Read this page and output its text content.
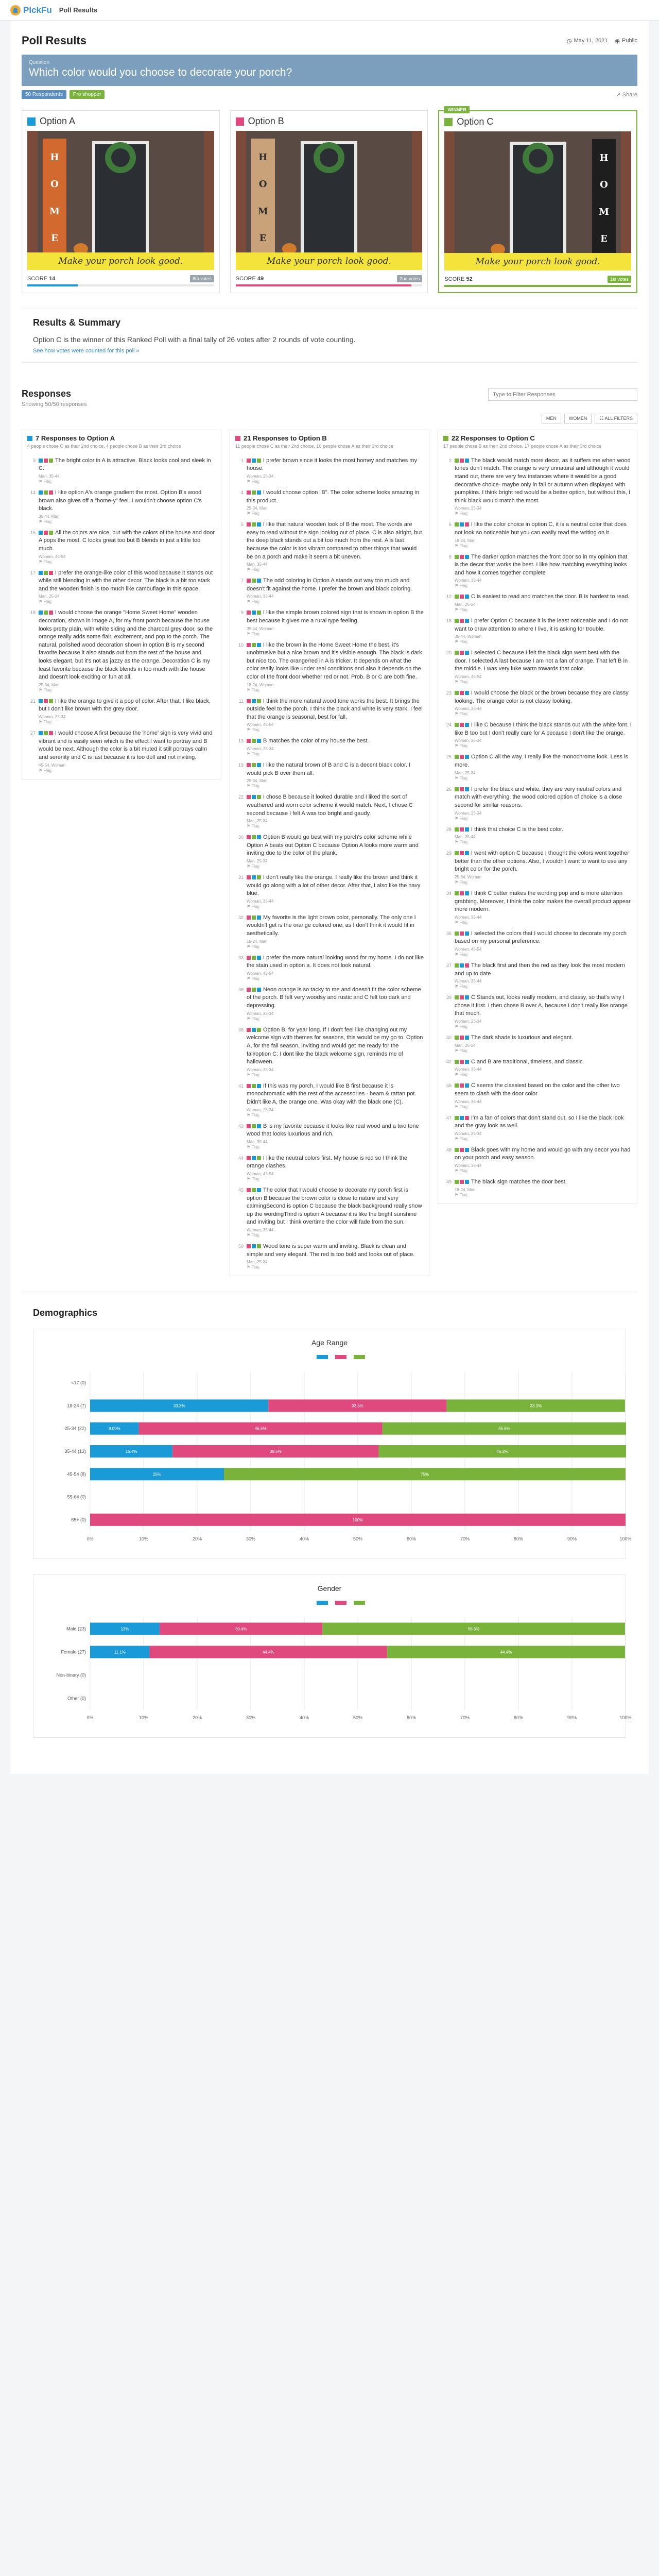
PickFu Poll Results
Poll Results	◷ May 11, 2021 ◉ Public
Question
Which color would you choose to decorate your porch?
50 Respondents	Pro shopper	↗ Share
Option A
H
O
M
E
Make your porch look good.
SCORE 14	8th votes
Option B
H
O
M
E
Make your porch look good.
SCORE 49	2nd votes
WINNER
Option C
H
O
M
E
Make your porch look good.
SCORE 52	1st votes
Results & Summary

Option C is the winner of this Ranked Poll with a final tally of 26 votes after 2 rounds of vote counting.

See how votes were counted for this poll »
Responses
Showing 50/50 responses
Type to Filter Responses
MEN	WOMEN	☷ ALL FILTERS
7 Responses to Option A
4 people chose C as their 2nd choice, 4 people chose B as their 3rd choice
3	The bright color in A is attractive. Black looks cool and sleek in C.
Man, 35-44
⚑ Flag
14	I like option A's orange gradient the most. Option B's wood brown also gives off a "home-y" feel. I wouldn't choose option C's black.
35-44, Man
⚑ Flag
15	All the colors are nice, but with the colors of the house and door A pops the most. C looks great too but B blends in just a little too much.
Woman, 45-54
⚑ Flag
17	I prefer the orange-like color of this wood because it stands out while still blending in with the other decor. The black is a bit too stark and the wooden finish is too much like camouflage in this space.
Man, 25-34
⚑ Flag
18	I would choose the orange "Home Sweet Home" wooden decoration, shown in image A, for my front porch because the house looks pretty plain, with white siding and the charcoal grey door, so the orange really adds some flair, excitement, and pop to the porch. The natural, polished wood decoration shown in option B is my second favorite because it also stands out from the rest of the house and looks elegant, but it's not as jazzy as the orange. Decoration C is my least favorite because the black blends in too much with the house and doesn't look exciting or fun at all.
25-34, Man
⚑ Flag
21	I like the orange to give it a pop of color. After that, I like black, but I don't like brown with the grey door.
Woman, 25-34
⚑ Flag
27	I would choose A first because the 'home' sign is very vivid and vibrant and is easily seen which is the effect I want to portray and B would be next. Although the color is a bit muted it still portrays calm and serenity and C is last because it is too dull and not inviting.
45-54, Woman
⚑ Flag
21 Responses to Option B
11 people chose C as their 2nd choice, 10 people chose A as their 3rd choice
1	I prefer brown since it looks the most homey and matches my house.
Woman, 25-34
⚑ Flag
4	I would choose option "B". The color scheme looks amazing in this product.
25-34, Man
⚑ Flag
5	I like that natural wooden look of B the most. The words are easy to read without the sign looking out of place. C is also alright, but the deep black stands out a bit too much from the rest. A is last because the color is too vibrant compared to other things that would be on a porch and make it seem a bit uneven.
Man, 35-44
⚑ Flag
7	The odd coloring in Option A stands out way too much and doesn't fit against the home. I prefer the brown and black coloring.
Woman, 35-44
⚑ Flag
9	I like the simple brown colored sign that is shown in option B the best because it gives me a rural type feeling.
35-44, Woman
⚑ Flag
10	I like the brown in the Home Sweet Home the best, it's unobtrusive but a nice brown and it's visible enough. The black is dark but nice too. The orange/red in A is tricker. It depends on what the color really looks like under real conditions and also it depends on the color of the front door whether red or not. Prob. B or C are both fine.
18-24, Woman
⚑ Flag
11	I think the more natural wood tone works the best. It brings the outside feel to the porch. I think the black and white is very stark. I feel that the orange is seasonal, best for fall.
Woman, 45-54
⚑ Flag
13	B matches the color of my house the best.
Woman, 25-34
⚑ Flag
19	I like the natural brown of B and C is a decent black color. I would pick B over them all.
25-34, Man
⚑ Flag
22	I chose B because it looked durable and I liked the sort of weathered and worn color scheme it would match. Next, I chose C second because I felt A was too bright and gaudy.
Man, 25-34
⚑ Flag
30	Option B would go best with my porch's color scheme while Option A beats out Option C because Option A looks more warm and inviting due to the color of the plank.
Man, 25-34
⚑ Flag
31	I don't really like the orange. I really like the brown and think it would go along with a lot of other decor. After that, I also like the navy blue.
Woman, 35-44
⚑ Flag
32	My favorite is the light brown color, personally. The only one I wouldn't get is the orange colored one, as I don't think it would fit in aesthetically.
18-24, Man
⚑ Flag
33	I prefer the more natural looking wood for my home. I do not like the stain used in option a. It does not look natural.
Woman, 45-54
⚑ Flag
36	Neon orange is so tacky to me and doesn't fit the color scheme of the porch. B felt very woodsy and rustic and C felt too dark and depressing.
Woman, 25-34
⚑ Flag
38	Option B, for year long. If I don't feel like changing out my welcome sign with themes for seasons, this would be my go to. Option A, for the fall season, inviting and would get me ready for the fall/option C: I dont like the black welcome sign, reminds me of halloween.
Woman, 25-34
⚑ Flag
41	If this was my porch, I would like B first because it is monochromatic with the rest of the accessories - beam & rattan pot. Didn't like A, the orange one. Was okay with the black one (C).
Woman, 25-34
⚑ Flag
43	B is my favorite because it looks like real wood and a two tone wood that looks luxurious and rich.
Man, 35-44
⚑ Flag
44	I like the neutral colors first. My house is red so I think the orange clashes.
Woman, 45-54
⚑ Flag
45	The color that I would choose to decorate my porch first is option B because the brown color is close to nature and very calmingSecond is option C because the black background really show up the wordingThird is option A because it is like the bright sunshine and inviting but I think overtime the color will fade from the sun.
Woman, 35-44
⚑ Flag
50	Wood tone is super warm and inviting. Black is clean and simple and very elegant. The red is too bold and looks out of place.
Man, 25-34
⚑ Flag
22 Responses to Option C
17 people chose B as their 2nd choice, 17 people chose A as their 3rd choice
2	The black would match more decor, as it suffers me when wood tones don't match. The orange is very unnatural and although it would stand out, there are very few instances where it would be a good decorative choice- maybe only in fall or autumn when displayed with pumpkins. I think bright red would be a better option, but without this, I think black would match the most.
Woman, 25-34
⚑ Flag
6	I like the color choice in option C, it is a neutral color that does not look so noticeable but you can easily read the writing on it.
18-24, Man
⚑ Flag
8	The darker option matches the front door so in my opinion that is the decor that works the best. I like how matching everything looks and how it comes together complete
Woman, 35-44
⚑ Flag
12	C is easiest to read and matches the door. B is hardest to read.
Man, 25-34
⚑ Flag
16	I prefer Option C because it is the least noticeable and I do not want to draw attention to where I live, it is asking for trouble.
35-44, Woman
⚑ Flag
20	I selected C because I felt the black sign went best with the door. I selected A last because I am not a fan of orange. That left B in the middle. I was very luke warm towards that color.
Woman, 45-54
⚑ Flag
23	I would choose the black or the brown because they are classy looking. The orange color is not classy looking.
Woman, 35-44
⚑ Flag
24	I like C because I think the black stands out with the white font. I like B too but I don't really care for A because I don't like the orange.
Woman, 25-34
⚑ Flag
25	Option C all the way. I really like the monochrome look. Less is more.
Man, 25-34
⚑ Flag
26	I prefer the black and white, they are very neutral colors and match with everything. the wood colored option of choice is a close second for similar reasons.
Woman, 25-34
⚑ Flag
28	I think that choice C is the best color.
Man, 35-44
⚑ Flag
29	I went with option C because I thought the colors went together better than the other options. Also, I wouldn't want to want to use any bright color for the porch.
25-34, Woman
⚑ Flag
34	I think C better makes the wording pop and is more attention grabbing. Moreover, I think the color makes the overall product appear more modern.
Woman, 35-44
⚑ Flag
35	I selected the colors that I would choose to decorate my porch based on my personal preference.
Woman, 45-54
⚑ Flag
37	The black first and then the red as they look the most modern and up to date
Woman, 35-44
⚑ Flag
39	C Stands out, looks really modern, and classy, so that's why I chose it first. I then chose B over A, because I don't really like orange that much.
Woman, 25-34
⚑ Flag
40	The dark shade is luxurious and elegant.
Man, 25-34
⚑ Flag
42	C and B are traditional, timeless, and classic.
Woman, 35-44
⚑ Flag
46	C seems the classiest based on the color and the other two seem to clash with the door color
Woman, 35-44
⚑ Flag
47	I'm a fan of colors that don't stand out, so I like the black look and the gray look as well.
Woman, 25-34
⚑ Flag
48	Black goes with my home and would go with any decor you had on your porch and easy season.
Woman, 35-44
⚑ Flag
49	The black sign matches the door best.
18-24, Man
⚑ Flag
Demographics
Age Range
0%	10%	20%	30%	40%	50%	60%	70%	80%	90%	100%
<17 (0)
18-24 (7)	33.3%	33.3%	33.3%
25-34 (22)	9.09%	45.5%	45.5%
35-44 (13)	15.4%	38.5%	46.2%
45-54 (8)	25%	75%
55-64 (0)
65+ (0)	100%
Gender
0%	10%	20%	30%	40%	50%	60%	70%	80%	90%	100%
Male (23)	13%	30.4%	56.5%
Female (27)	11.1%	44.4%	44.4%
Non-binary (0)
Other (0)
